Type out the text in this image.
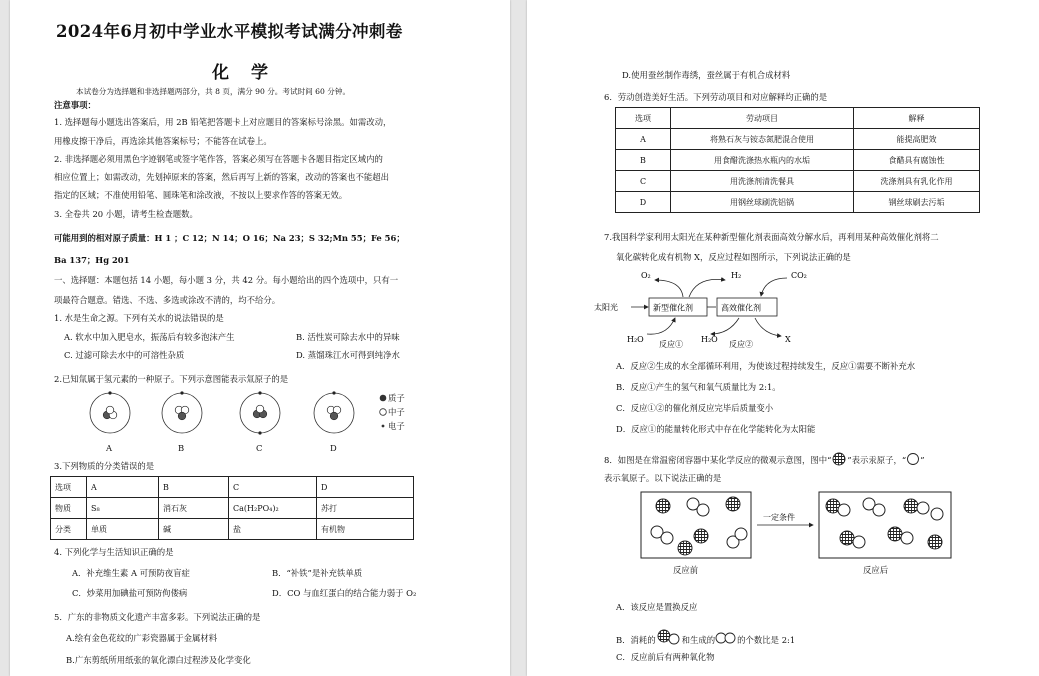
2024年6月初中学业水平模拟考试满分冲刺卷
化学
本试卷分为选择题和非选择题两部分，共 8 页，满分 90 分。考试时间 60 分钟。
注意事项：
1. 选择题每小题选出答案后，用 2B 铅笔把答题卡上对应题目的答案标号涂黑。如需改动，
用橡皮擦干净后，再选涂其他答案标号；不能答在试卷上。
2. 非选择题必须用黑色字迹钢笔或签字笔作答，答案必须写在答题卡各题目指定区域内的
相应位置上；如需改动，先划掉原来的答案，然后再写上新的答案，改动的答案也不能超出
指定的区域；不准使用铅笔、圆珠笔和涂改液，不按以上要求作答的答案无效。
3. 全卷共 20 小题，请考生检查题数。
可能用到的相对原子质量：H 1 ；C 12；N 14；O 16；Na 23；S 32;Mn 55；Fe 56；
Ba 137；Hg 201
一、选择题：本题包括 14 小题，每小题 3 分，共 42 分。每小题给出的四个选项中，只有一
项最符合题意。错选、不选、多选或涂改不清的，均不给分。
1. 水是生命之源。下列有关水的说法错误的是
A. 软水中加入肥皂水，振荡后有较多泡沫产生	B. 活性炭可除去水中的异味
C. 过滤可除去水中的可溶性杂质	D. 蒸馏珠江水可得到纯净水
2.已知氚属于氢元素的一种原子。下列示意图能表示氚原子的是
A	B	C	D
质子
中子
电子
3.下列物质的分类错误的是
选项	A	B	C	D
物质	S₈	消石灰	Ca(H₂PO₄)₂	苏打
分类	单质	碱	盐	有机物
4. 下列化学与生活知识正确的是
A．补充维生素 A 可预防夜盲症	B．“补铁”是补充铁单质
C．炒菜用加碘盐可预防佝偻病	D．CO 与血红蛋白的结合能力弱于 O₂
5．广东的非物质文化遗产丰富多彩。下列说法正确的是
A.绘有金色花纹的广彩瓷器属于金属材料
B.广东剪纸所用纸张的氧化漂白过程涉及化学变化
D.使用蚕丝制作毒绣，蚕丝属于有机合成材料
6．劳动创造美好生活。下列劳动项目和对应解释均正确的是
选项	劳动项目	解释
A	将熟石灰与铵态氮肥混合使用	能提高肥效
B	用食醋洗涤热水瓶内的水垢	食醋具有腐蚀性
C	用洗涤剂清洗餐具	洗涤剂具有乳化作用
D	用钢丝球刷洗铝锅	钢丝球刷去污垢
7.我国科学家利用太阳光在某种新型催化剂表面高效分解水后，再利用某种高效催化剂将二
氧化碳转化成有机物 X，反应过程如图所示，下列说法正确的是
太阳光	新型催化剂	高效催化剂
O₂	H₂	CO₂
H₂O	H₂O	X
反应①	反应②
A．反应②生成的水全部循环利用，为使该过程持续发生，反应①需要不断补充水
B．反应①产生的氢气和氧气质量比为 2:1。
C．反应①②的催化剂反应完毕后质量变小
D．反应①的能量转化形式中存在化学能转化为太阳能
8．如图是在常温密闭容器中某化学反应的微观示意图，图中“ ”表示汞原子，“ ”
表示氧原子。以下说法正确的是
一定条件
反应前	反应后
A．该反应是置换反应
B．消耗的	和生成的	的个数比是 2:1
C．反应前后有两种氧化物
